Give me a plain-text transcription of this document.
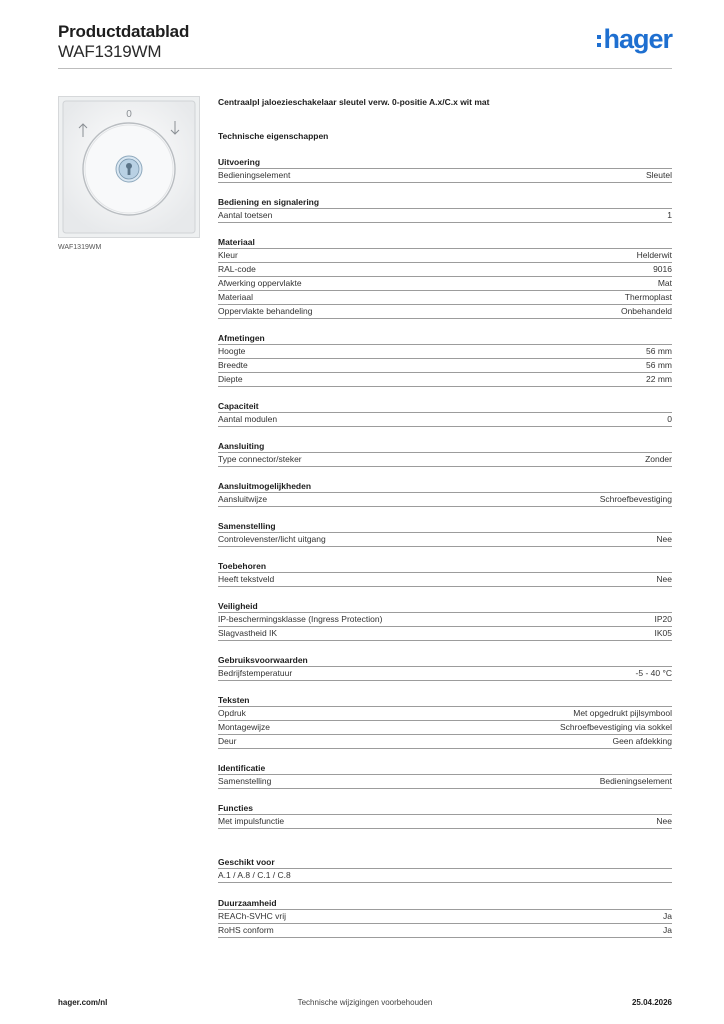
Productdatablad
WAF1319WM	hager
0
WAF1319WM
Centraalpl jaloezieschakelaar sleutel verw. 0-positie A.x/C.x wit mat
Technische eigenschappen
Uitvoering
Bedieningselement	Sleutel
Bediening en signalering
Aantal toetsen	1
Materiaal
Kleur	Helderwit
RAL-code	9016
Afwerking oppervlakte	Mat
Materiaal	Thermoplast
Oppervlakte behandeling	Onbehandeld
Afmetingen
Hoogte	56 mm
Breedte	56 mm
Diepte	22 mm
Capaciteit
Aantal modulen	0
Aansluiting
Type connector/steker	Zonder
Aansluitmogelijkheden
Aansluitwijze	Schroefbevestiging
Samenstelling
Controlevenster/licht uitgang	Nee
Toebehoren
Heeft tekstveld	Nee
Veiligheid
IP-beschermingsklasse (Ingress Protection)	IP20
Slagvastheid IK	IK05
Gebruiksvoorwaarden
Bedrijfstemperatuur	-5 - 40 °C
Teksten
Opdruk	Met opgedrukt pijlsymbool
Montagewijze	Schroefbevestiging via sokkel
Deur	Geen afdekking
Identificatie
Samenstelling	Bedieningselement
Functies
Met impulsfunctie	Nee
Geschikt voor
A.1 / A.8 / C.1 / C.8
Duurzaamheid
REACh-SVHC vrij	Ja
RoHS conform	Ja
Technische wijzigingen voorbehouden
hager.com/nl	25.04.2026
